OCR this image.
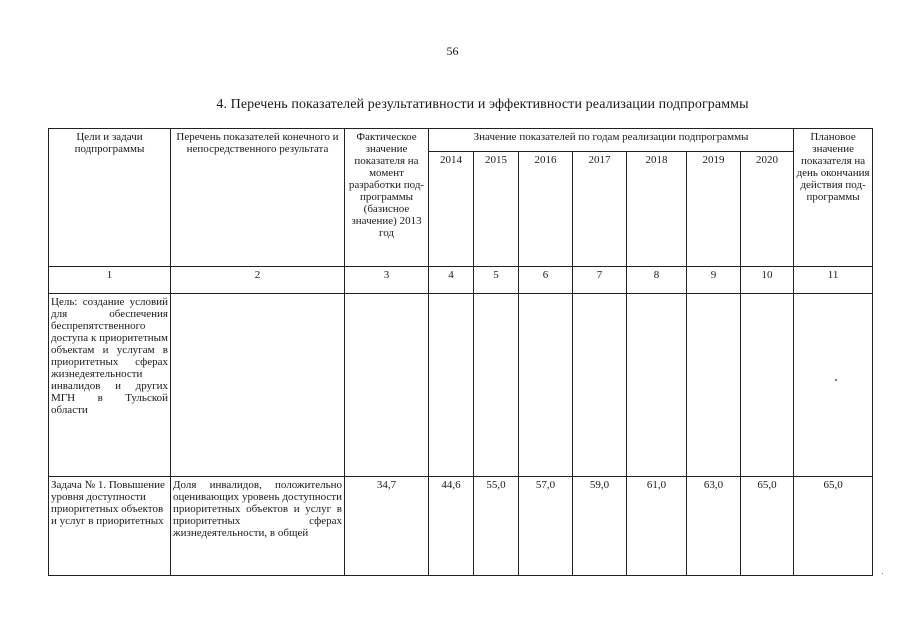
56
4. Перечень показателей результативности и эффективности реализации подпрограммы
Цели и задачи подпрограммы	Перечень показателей конечного и непосредственного результата	Фактическое значение показателя на момент разработки под-программы (базисное значение) 2013 год	Значение показателей по годам реализации подпрограммы							Плановое значение показателя на день окончания действия под-программы
			2014	2015	2016	2017	2018	2019	2020	
1	2	3	4	5	6	7	8	9	10	11
Цель: создание условий для обеспечения беспрепятственного доступа к приоритетным объектам и услугам в приоритетных сферах жизнедеятельности инвалидов и других МГН в Тульской области										
Задача № 1. Повышение уровня доступности приоритетных объектов и услуг в приоритетных	Доля инвалидов, положительно оценивающих уровень доступности приоритетных объектов и услуг в приоритетных сферах жизнедеятельности, в общей	34,7	44,6	55,0	57,0	59,0	61,0	63,0	65,0	65,0
